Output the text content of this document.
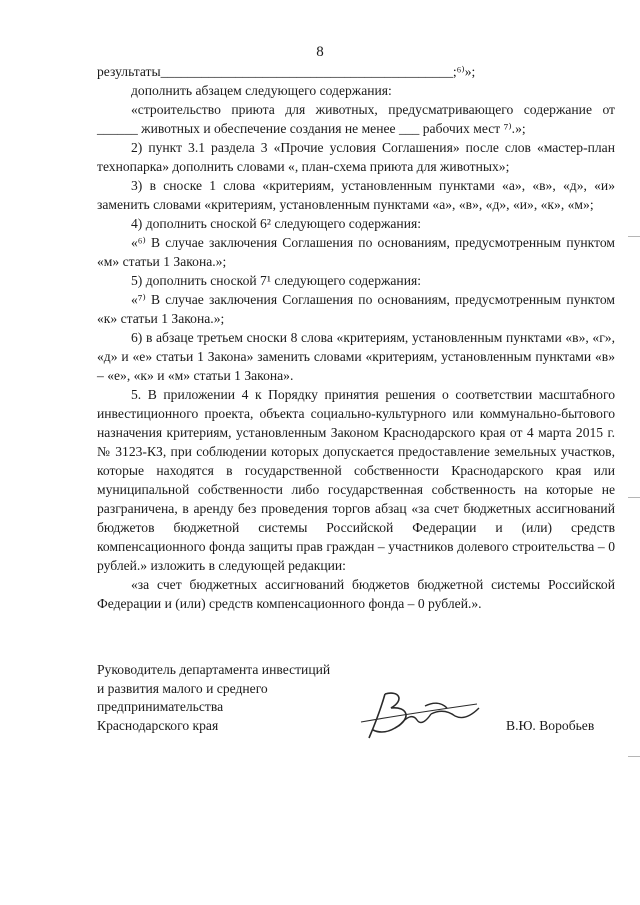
8

результаты___________________________________________;⁶⁾»;

дополнить абзацем следующего содержания:

«строительство приюта для животных, предусматривающего содержание от ______ животных и обеспечение создания не менее ___ рабочих мест ⁷⁾.»;

2) пункт 3.1 раздела 3 «Прочие условия Соглашения» после слов «мастер-план технопарка» дополнить словами «, план-схема приюта для животных»;

3) в сноске 1 слова «критериям, установленным пунктами «а», «в», «д», «и» заменить словами «критериям, установленным пунктами «а», «в», «д», «и», «к», «м»;

4) дополнить сноской 6² следующего содержания:

«⁶⁾ В случае заключения Соглашения по основаниям, предусмотренным пунктом «м» статьи 1 Закона.»;

5) дополнить сноской 7¹ следующего содержания:

«⁷⁾ В случае заключения Соглашения по основаниям, предусмотренным пунктом «к» статьи 1 Закона.»;

6) в абзаце третьем сноски 8 слова «критериям, установленным пунктами «в», «г», «д» и «е» статьи 1 Закона» заменить словами «критериям, установленным пунктами «в» – «е», «к» и «м» статьи 1 Закона».

5. В приложении 4 к Порядку принятия решения о соответствии масштабного инвестиционного проекта, объекта социально-культурного или коммунально-бытового назначения критериям, установленным Законом Краснодарского края от 4 марта 2015 г. № 3123-КЗ, при соблюдении которых допускается предоставление земельных участков, которые находятся в государственной собственности Краснодарского края или муниципальной собственности либо государственная собственность на которые не разграничена, в аренду без проведения торгов абзац «за счет бюджетных ассигнований бюджетов бюджетной системы Российской Федерации и (или) средств компенсационного фонда защиты прав граждан – участников долевого строительства – 0 рублей.» изложить в следующей редакции:

«за счет бюджетных ассигнований бюджетов бюджетной системы Российской Федерации и (или) средств компенсационного фонда – 0 рублей.».

Руководитель департамента инвестиций

и развития малого и среднего

предпринимательства

Краснодарского края	В.Ю. Воробьев
